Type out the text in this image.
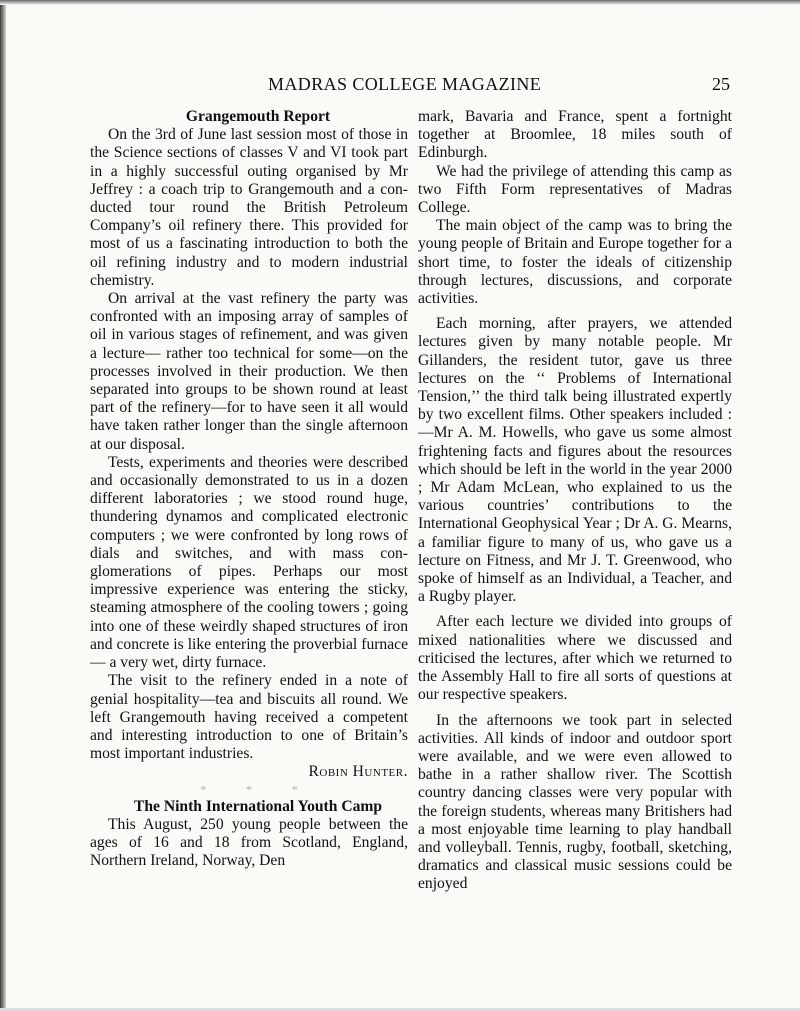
MADRAS COLLEGE MAGAZINE	25

Grangemouth Report

On the 3rd of June last session most of those in the Science sections of classes V and VI took part in a highly successful outing organised by Mr Jeffrey : a coach trip to Grangemouth and a conducted tour round the British Petroleum Company’s oil refinery there. This provided for most of us a fascinating introduction to both the oil refining industry and to modern industrial chemistry.

On arrival at the vast refinery the party was confronted with an imposing array of samples of oil in various stages of refinement, and was given a lecture— rather too technical for some—on the processes involved in their production. We then separated into groups to be shown round at least part of the refinery—for to have seen it all would have taken rather longer than the single afternoon at our disposal.

Tests, experiments and theories were described and occasionally demonstrated to us in a dozen different laboratories ; we stood round huge, thundering dynamos and complicated electronic computers ; we were confronted by long rows of dials and switches, and with mass conglomerations of pipes. Perhaps our most impressive experience was entering the sticky, steaming atmosphere of the cooling towers ; going into one of these weirdly shaped structures of iron and concrete is like entering the proverbial furnace— a very wet, dirty furnace.

The visit to the refinery ended in a note of genial hospitality—tea and biscuits all round. We left Grangemouth having received a competent and interesting introduction to one of Britain’s most important industries.

Robin Hunter.

* * *

The Ninth International Youth Camp

This August, 250 young people between the ages of 16 and 18 from Scotland, England, Northern Ireland, Norway, Den

mark, Bavaria and France, spent a fortnight together at Broomlee, 18 miles south of Edinburgh.

We had the privilege of attending this camp as two Fifth Form representatives of Madras College.

The main object of the camp was to bring the young people of Britain and Europe together for a short time, to foster the ideals of citizenship through lectures, discussions, and corporate activities.

Each morning, after prayers, we attended lectures given by many notable people. Mr Gillanders, the resident tutor, gave us three lectures on the ‘‘ Problems of International Tension,’’ the third talk being illustrated expertly by two excellent films. Other speakers included :—Mr A. M. Howells, who gave us some almost frightening facts and figures about the resources which should be left in the world in the year 2000 ; Mr Adam McLean, who explained to us the various countries’ contributions to the International Geophysical Year ; Dr A. G. Mearns, a familiar figure to many of us, who gave us a lecture on Fitness, and Mr J. T. Greenwood, who spoke of himself as an Individual, a Teacher, and a Rugby player.

After each lecture we divided into groups of mixed nationalities where we discussed and criticised the lectures, after which we returned to the Assembly Hall to fire all sorts of questions at our respective speakers.

In the afternoons we took part in selected activities. All kinds of indoor and outdoor sport were available, and we were even allowed to bathe in a rather shallow river. The Scottish country dancing classes were very popular with the foreign students, whereas many Britishers had a most enjoyable time learning to play handball and volleyball. Tennis, rugby, football, sketching, dramatics and classical music sessions could be enjoyed
